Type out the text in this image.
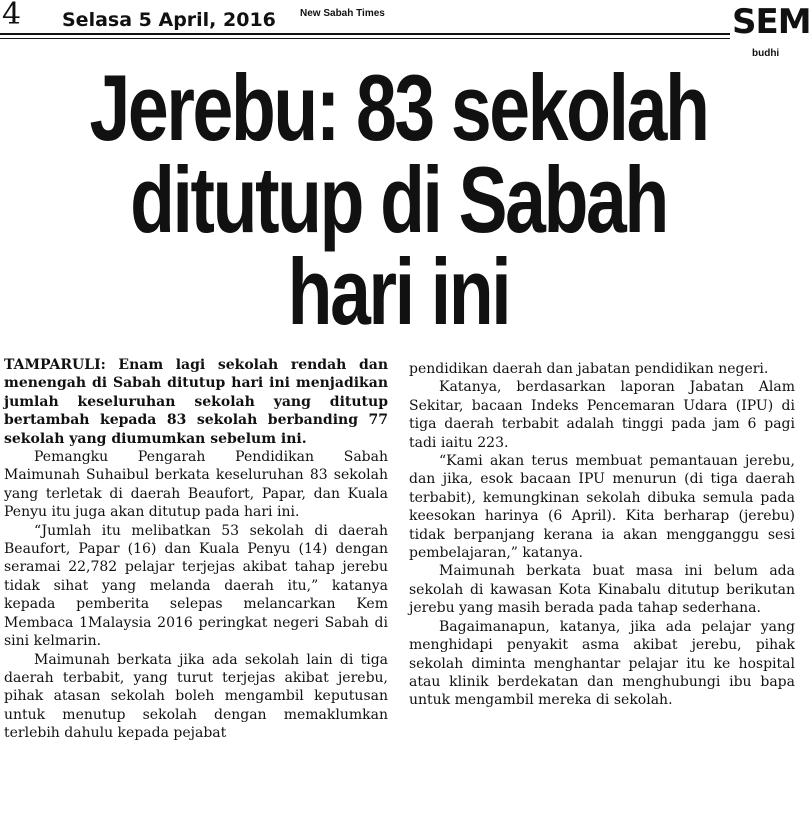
4 Selasa 5 April, 2016 New Sabah Times	SEM
budhi
Jerebu: 83 sekolah
ditutup di Sabah
hari ini

TAMPARULI: Enam lagi sekolah rendah dan menengah di Sabah ditutup hari ini menjadikan jumlah keseluruhan sekolah yang ditutup bertambah kepada 83 sekolah berbanding 77 sekolah yang diumumkan sebelum ini.

Pemangku Pengarah Pendidikan Sabah Maimunah Suhaibul berkata keseluruhan 83 sekolah yang terletak di daerah Beaufort, Papar, dan Kuala Penyu itu juga akan ditutup pada hari ini.

“Jumlah itu melibatkan 53 sekolah di daerah Beaufort, Papar (16) dan Kuala Penyu (14) dengan seramai 22,782 pelajar terjejas akibat tahap jerebu tidak sihat yang melanda daerah itu,” katanya kepada pemberita selepas melancarkan Kem Membaca 1Malaysia 2016 peringkat negeri Sabah di sini kelmarin.

Maimunah berkata jika ada sekolah lain di tiga daerah terbabit, yang turut terjejas akibat jerebu, pihak atasan sekolah boleh mengambil keputusan untuk menutup sekolah dengan memaklumkan terlebih dahulu kepada pejabat

pendidikan daerah dan jabatan pendidikan negeri.

Katanya, berdasarkan laporan Jabatan Alam Sekitar, bacaan Indeks Pencemaran Udara (IPU) di tiga daerah terbabit adalah tinggi pada jam 6 pagi tadi iaitu 223.

“Kami akan terus membuat pemantauan jerebu, dan jika, esok bacaan IPU menurun (di tiga daerah terbabit), kemungkinan sekolah dibuka semula pada keesokan harinya (6 April). Kita berharap (jerebu) tidak berpanjang kerana ia akan mengganggu sesi pembelajaran,” katanya.

Maimunah berkata buat masa ini belum ada sekolah di kawasan Kota Kinabalu ditutup berikutan jerebu yang masih berada pada tahap sederhana.

Bagaimanapun, katanya, jika ada pelajar yang menghidapi penyakit asma akibat jerebu, pihak sekolah diminta menghantar pelajar itu ke hospital atau klinik berdekatan dan menghubungi ibu bapa untuk mengambil mereka di sekolah.
